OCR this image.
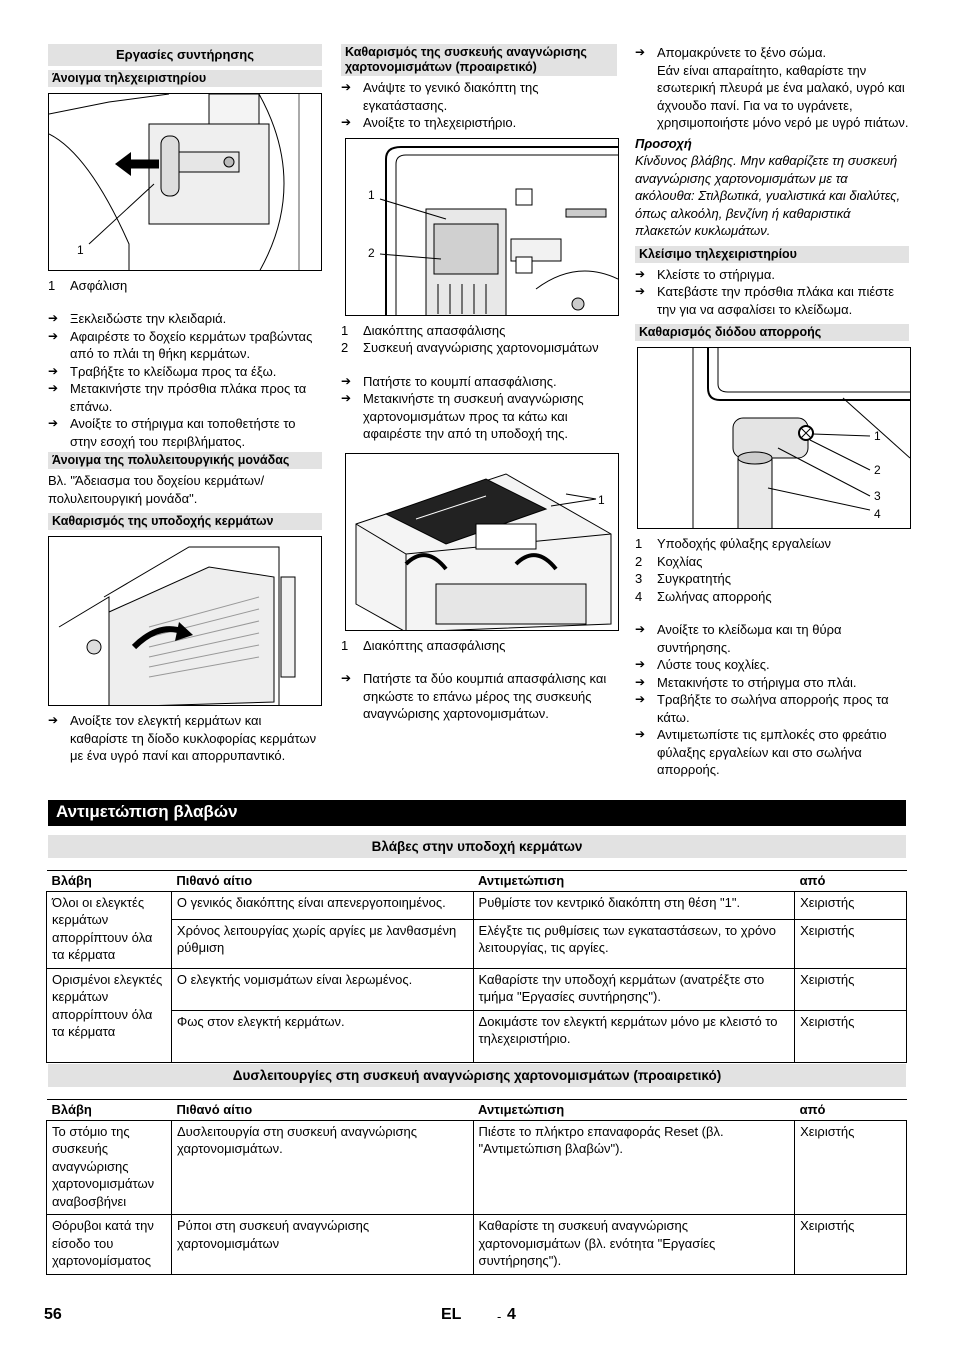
Εργασίες συντήρησης
Άνοιγμα τηλεχειριστηρίου
1
1	Ασφάλιση
➔ Ξεκλειδώστε την κλειδαριά.
➔ Αφαιρέστε το δοχείο κερμάτων τραβώντας από το πλάι τη θήκη κερμάτων.
➔ Τραβήξτε το κλείδωμα προς τα έξω.
➔ Μετακινήστε την πρόσθια πλάκα προς τα επάνω.
➔ Ανοίξτε το στήριγμα και τοποθετήστε το στην εσοχή του περιβλήματος.
Άνοιγμα της πολυλειτουργικής μονάδας
Βλ. "Άδειασμα του δοχείου κερμάτων/πολυλειτουργική μονάδα".
Καθαρισμός της υποδοχής κερμάτων
➔ Ανοίξτε τον ελεγκτή κερμάτων και καθαρίστε τη δίοδο κυκλοφορίας κερμάτων με ένα υγρό πανί και απορρυπαντικό.
Καθαρισμός της συσκευής αναγνώρισης χαρτονομισμάτων (προαιρετικό)
➔ Ανάψτε το γενικό διακόπτη της εγκατάστασης.
➔ Ανοίξτε το τηλεχειριστήριο.
1
2
1	Διακόπτης απασφάλισης
2	Συσκευή αναγνώρισης χαρτονομισμάτων
➔ Πατήστε το κουμπί απασφάλισης.
➔ Μετακινήστε τη συσκευή αναγνώρισης χαρτονομισμάτων προς τα κάτω και αφαιρέστε την από τη υποδοχή της.
1
1	Διακόπτης απασφάλισης
➔ Πατήστε τα δύο κουμπιά απασφάλισης και σηκώστε το επάνω μέρος της συσκευής αναγνώρισης χαρτονομισμάτων.
➔ Απομακρύνετε το ξένο σώμα.
Εάν είναι απαραίτητο, καθαρίστε την εσωτερική πλευρά με ένα μαλακό, υγρό και άχνουδο πανί. Για να το υγράνετε, χρησιμοποιήστε μόνο νερό με υγρό πιάτων.
Προσοχή
Κίνδυνος βλάβης. Μην καθαρίζετε τη συσκευή αναγνώρισης χαρτονομισμάτων με τα ακόλουθα: Στιλβωτικά, γυαλιστικά και διαλύτες, όπως αλκοόλη, βενζίνη ή καθαριστικά πλακετών κυκλωμάτων.
Κλείσιμο τηλεχειριστηρίου
➔ Κλείστε το στήριγμα.
➔ Κατεβάστε την πρόσθια πλάκα και πιέστε την για να ασφαλίσει το κλείδωμα.
Καθαρισμός διόδου απορροής
1
2
3
4
1	Υποδοχής φύλαξης εργαλείων
2	Κοχλίας
3	Συγκρατητής
4	Σωλήνας απορροής
➔ Ανοίξτε το κλείδωμα και τη θύρα συντήρησης.
➔ Λύστε τους κοχλίες.
➔ Μετακινήστε το στήριγμα στο πλάι.
➔ Τραβήξτε το σωλήνα απορροής προς τα κάτω.
➔ Αντιμετωπίστε τις εμπλοκές στο φρεάτιο φύλαξης εργαλείων και στο σωλήνα απορροής.
Αντιμετώπιση βλαβών
Βλάβες στην υποδοχή κερμάτων
Βλάβη	Πιθανό αίτιο	Αντιμετώπιση	από
Όλοι οι ελεγκτές κερμάτων απορρίπτουν όλα τα κέρματα	Ο γενικός διακόπτης είναι απενεργοποιημένος.	Ρυθμίστε τον κεντρικό διακόπτη στη θέση "1".	Χειριστής
	Χρόνος λειτουργίας χωρίς αργίες με λανθασμένη ρύθμιση	Ελέγξτε τις ρυθμίσεις των εγκαταστάσεων, το χρόνο λειτουργίας, τις αργίες.	Χειριστής
Ορισμένοι ελεγκτές κερμάτων απορρίπτουν όλα τα κέρματα	Ο ελεγκτής νομισμάτων είναι λερωμένος.	Καθαρίστε την υποδοχή κερμάτων (ανατρέξτε στο τμήμα "Εργασίες συντήρησης").	Χειριστής
	Φως στον ελεγκτή κερμάτων.	Δοκιμάστε τον ελεγκτή κερμάτων μόνο με κλειστό το τηλεχειριστήριο.	Χειριστής
Δυσλειτουργίες στη συσκευή αναγνώρισης χαρτονομισμάτων (προαιρετικό)
Βλάβη	Πιθανό αίτιο	Αντιμετώπιση	από
Το στόμιο της συσκευής αναγνώρισης χαρτονομισμάτων αναβοσβήνει	Δυσλειτουργία στη συσκευή αναγνώρισης χαρτονομισμάτων.	Πιέστε το πλήκτρο επαναφοράς Reset (βλ. "Αντιμετώπιση βλαβών").	Χειριστής
Θόρυβοι κατά την είσοδο του χαρτονομίσματος	Ρύποι στη συσκευή αναγνώρισης χαρτονομισμάτων	Καθαρίστε τη συσκευή αναγνώρισης χαρτονομισμάτων (βλ. ενότητα "Εργασίες συντήρησης").	Χειριστής
56	EL	- 4
